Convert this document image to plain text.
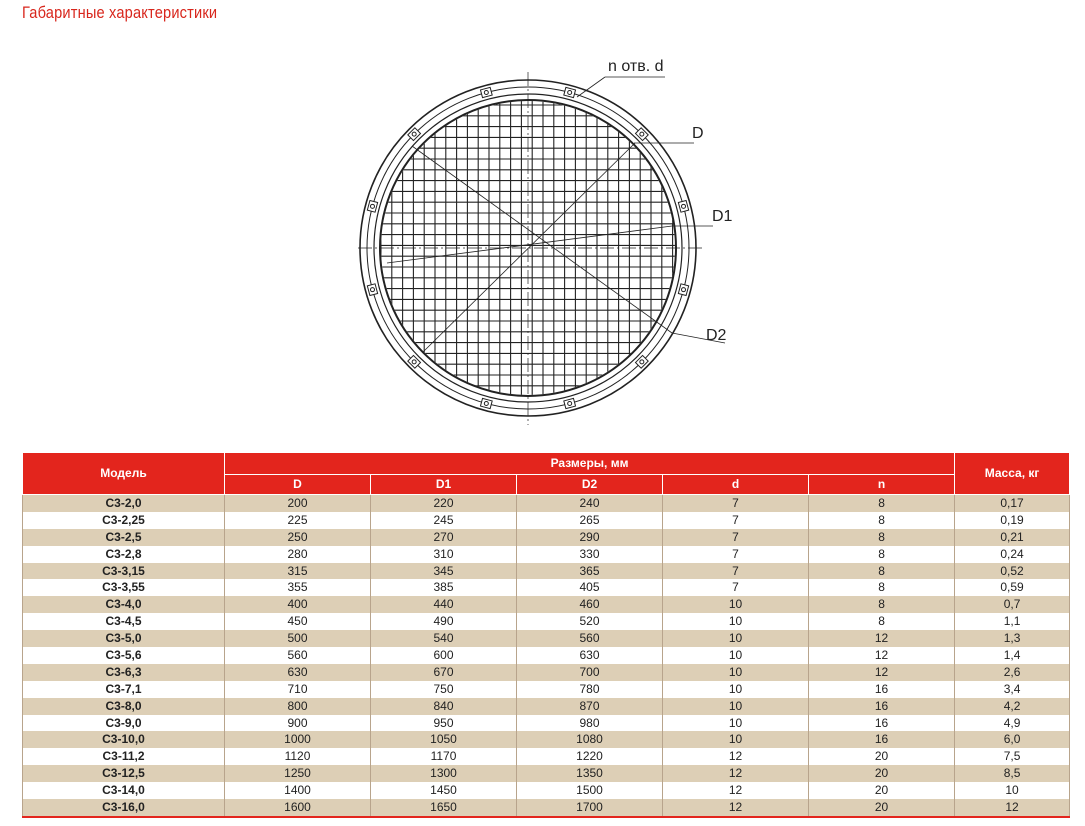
Габаритные характеристики
n отв. d
D
D1
D2
Модель	Размеры, мм					Масса, кг
	D	D1	D2	d	n	
С3-2,0	200	220	240	7	8	0,17
С3-2,25	225	245	265	7	8	0,19
С3-2,5	250	270	290	7	8	0,21
С3-2,8	280	310	330	7	8	0,24
С3-3,15	315	345	365	7	8	0,52
С3-3,55	355	385	405	7	8	0,59
С3-4,0	400	440	460	10	8	0,7
С3-4,5	450	490	520	10	8	1,1
С3-5,0	500	540	560	10	12	1,3
С3-5,6	560	600	630	10	12	1,4
С3-6,3	630	670	700	10	12	2,6
С3-7,1	710	750	780	10	16	3,4
С3-8,0	800	840	870	10	16	4,2
С3-9,0	900	950	980	10	16	4,9
С3-10,0	1000	1050	1080	10	16	6,0
С3-11,2	1120	1170	1220	12	20	7,5
С3-12,5	1250	1300	1350	12	20	8,5
С3-14,0	1400	1450	1500	12	20	10
С3-16,0	1600	1650	1700	12	20	12
